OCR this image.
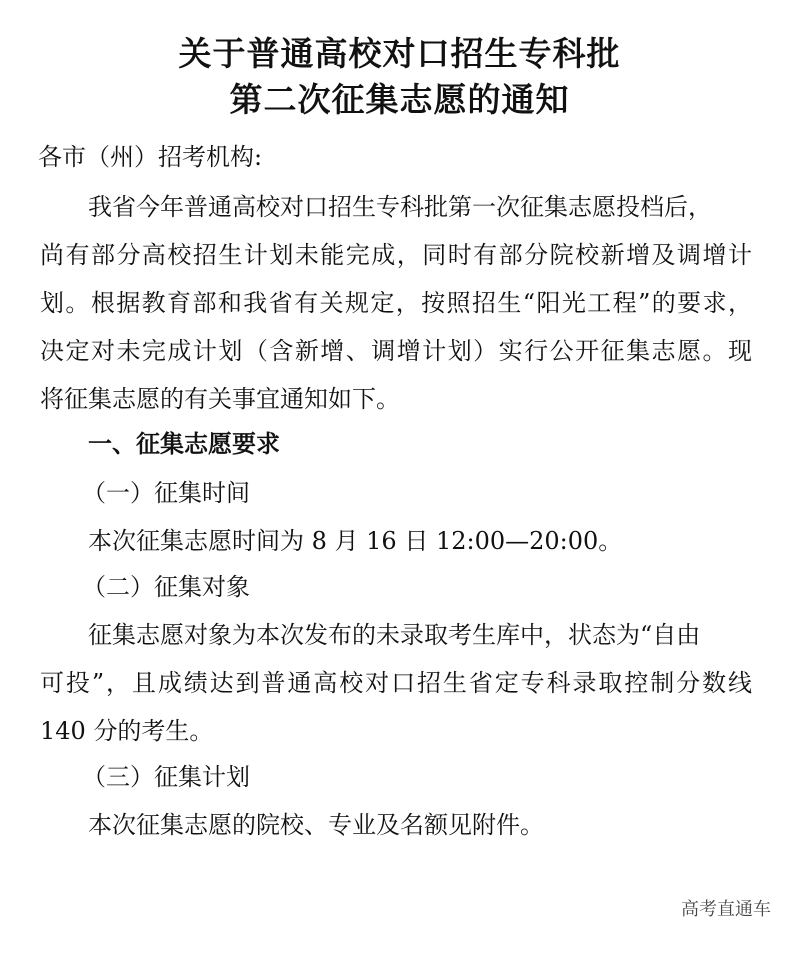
关于普通高校对口招生专科批
第二次征集志愿的通知
各市（州）招考机构:
我省今年普通高校对口招生专科批第一次征集志愿投档后，
尚有部分高校招生计划未能完成，同时有部分院校新增及调增计
划。根据教育部和我省有关规定，按照招生“阳光工程”的要求，
决定对未完成计划（含新增、调增计划）实行公开征集志愿。现
将征集志愿的有关事宜通知如下。
一、征集志愿要求
（一）征集时间
本次征集志愿时间为 8 月 16 日 12:00—20:00。
（二）征集对象
征集志愿对象为本次发布的未录取考生库中，状态为“自由
可投”，且成绩达到普通高校对口招生省定专科录取控制分数线
140 分的考生。
（三）征集计划
本次征集志愿的院校、专业及名额见附件。
高考直通车
